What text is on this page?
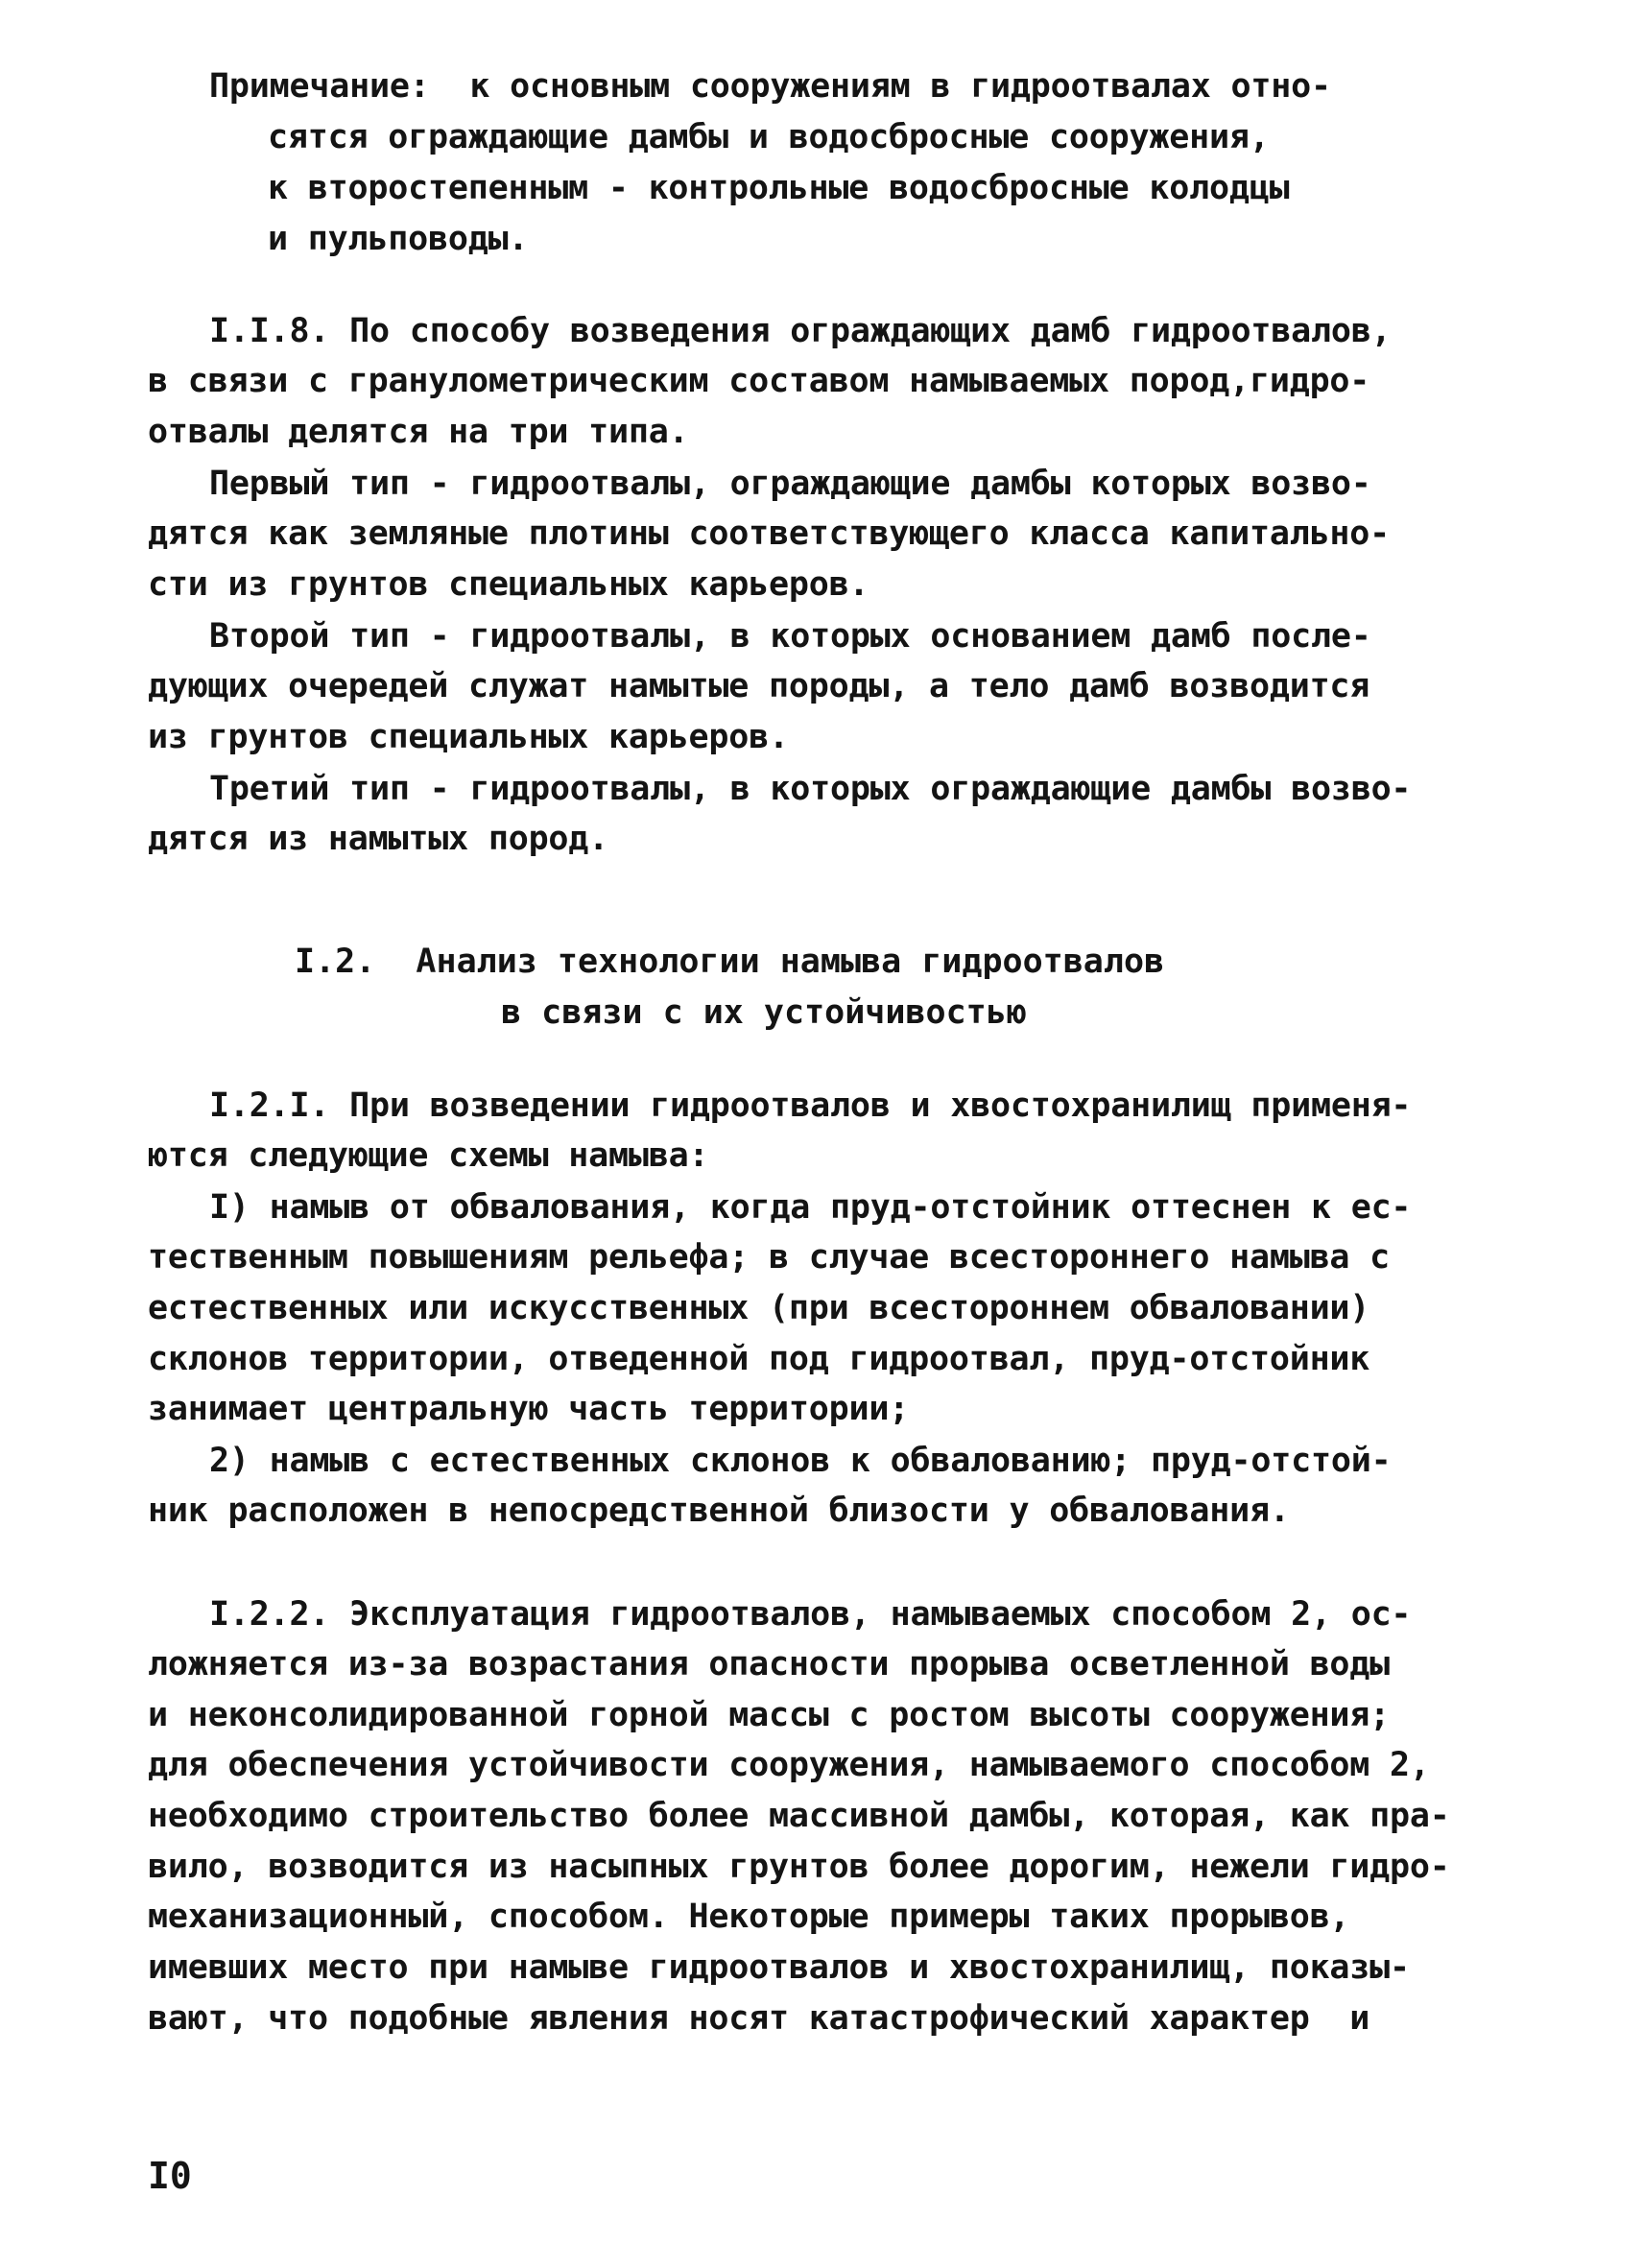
Примечание:  к основным сооружениям в гидроотвалах отно-
сятся ограждающие дамбы и водосбросные сооружения,
к второстепенным - контрольные водосбросные колодцы
и пульповоды.
I.I.8. По способу возведения ограждающих дамб гидроотвалов,
в связи с гранулометрическим составом намываемых пород,гидро-
отвалы делятся на три типа.
Первый тип - гидроотвалы, ограждающие дамбы которых возво-
дятся как земляные плотины соответствующего класса капитально-
сти из грунтов специальных карьеров.
Второй тип - гидроотвалы, в которых основанием дамб после-
дующих очередей служат намытые породы, а тело дамб возводится
из грунтов специальных карьеров.
Третий тип - гидроотвалы, в которых ограждающие дамбы возво-
дятся из намытых пород.
I.2.  Анализ технологии намыва гидроотвалов
в связи с их устойчивостью
I.2.I. При возведении гидроотвалов и хвостохранилищ применя-
ются следующие схемы намыва:
I) намыв от обвалования, когда пруд-отстойник оттеснен к ес-
тественным повышениям рельефа; в случае всестороннего намыва с
естественных или искусственных (при всестороннем обваловании)
склонов территории, отведенной под гидроотвал, пруд-отстойник
занимает центральную часть территории;
2) намыв с естественных склонов к обвалованию; пруд-отстой-
ник расположен в непосредственной близости у обвалования.
I.2.2. Эксплуатация гидроотвалов, намываемых способом 2, ос-
ложняется из-за возрастания опасности прорыва осветленной воды
и неконсолидированной горной массы с ростом высоты сооружения;
для обеспечения устойчивости сооружения, намываемого способом 2,
необходимо строительство более массивной дамбы, которая, как пра-
вило, возводится из насыпных грунтов более дорогим, нежели гидро-
механизационный, способом. Некоторые примеры таких прорывов,
имевших место при намыве гидроотвалов и хвостохранилищ, показы-
вают, что подобные явления носят катастрофический характер  и
I0
